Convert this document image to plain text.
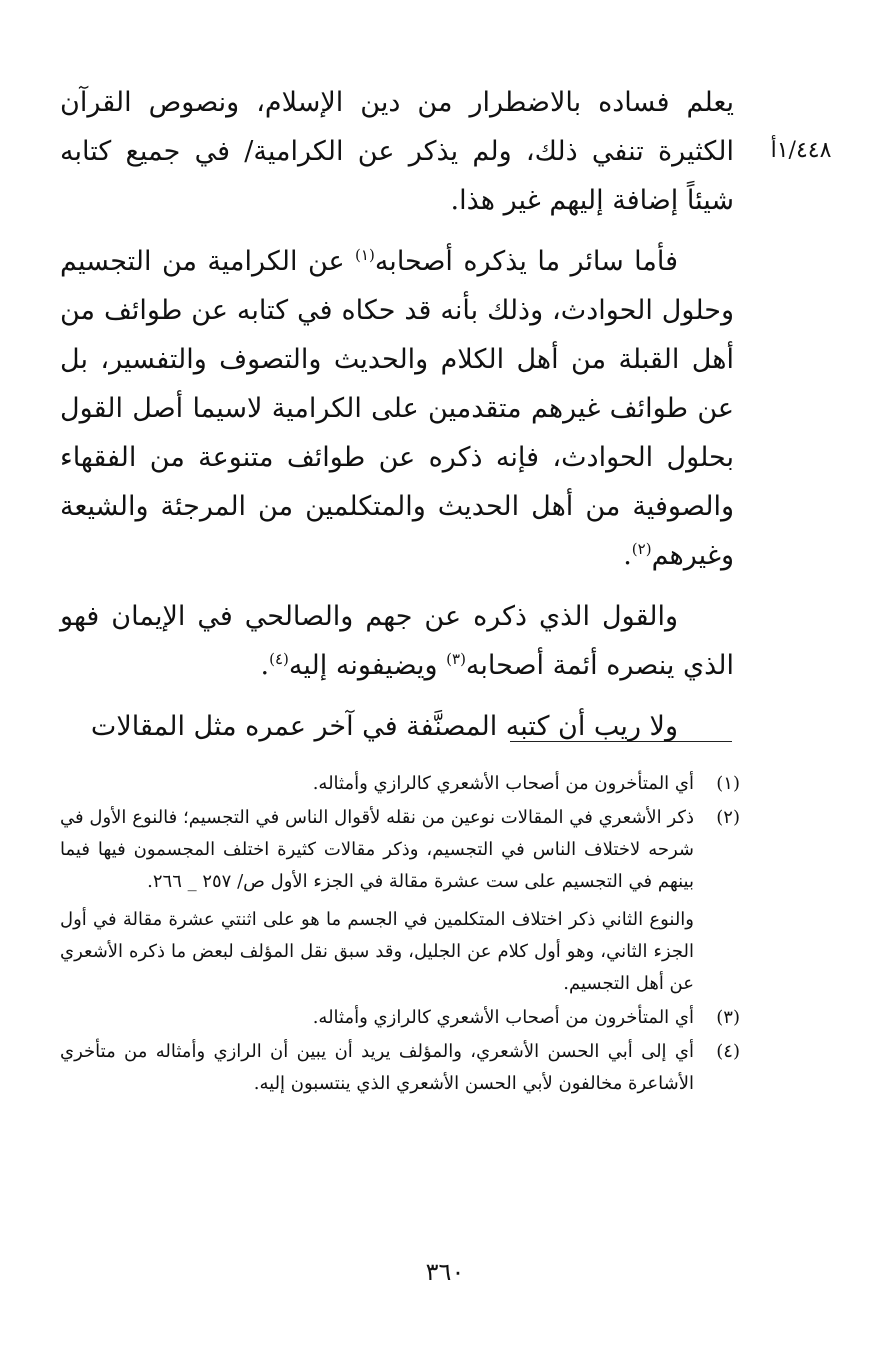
١/٤٤٨أ

يعلم فساده بالاضطرار من دين الإسلام، ونصوص القرآن الكثيرة تنفي ذلك، ولم يذكر عن الكرامية/ في جميع كتابه شيئاً إضافة إليهم غير هذا.

فأما سائر ما يذكره أصحابه$^{(١)}$ عن الكرامية من التجسيم وحلول الحوادث، وذلك بأنه قد حكاه في كتابه عن طوائف من أهل القبلة من أهل الكلام والحديث والتصوف والتفسير، بل عن طوائف غيرهم متقدمين على الكرامية لاسيما أصل القول بحلول الحوادث، فإنه ذكره عن طوائف متنوعة من الفقهاء والصوفية من أهل الحديث والمتكلمين من المرجئة والشيعة وغيرهم$^{(٢)}$.

والقول الذي ذكره عن جهم والصالحي في الإيمان فهو الذي ينصره أئمة أصحابه$^{(٣)}$ ويضيفونه إليه$^{(٤)}$.

ولا ريب أن كتبه المصنَّفة في آخر عمره مثل المقالات

(١)

أي المتأخرون من أصحاب الأشعري كالرازي وأمثاله.

(٢)

ذكر الأشعري في المقالات نوعين من نقله لأقوال الناس في التجسيم؛ فالنوع الأول في شرحه لاختلاف الناس في التجسيم، وذكر مقالات كثيرة اختلف المجسمون فيها فيما بينهم في التجسيم على ست عشرة مقالة في الجزء الأول ص/ ٢٥٧ _ ٢٦٦.

والنوع الثاني ذكر اختلاف المتكلمين في الجسم ما هو على اثنتي عشرة مقالة في أول الجزء الثاني، وهو أول كلام عن الجليل، وقد سبق نقل المؤلف لبعض ما ذكره الأشعري عن أهل التجسيم.

(٣)

أي المتأخرون من أصحاب الأشعري كالرازي وأمثاله.

(٤)

أي إلى أبي الحسن الأشعري، والمؤلف يريد أن يبين أن الرازي وأمثاله من متأخري الأشاعرة مخالفون لأبي الحسن الأشعري الذي ينتسبون إليه.

٣٦٠
